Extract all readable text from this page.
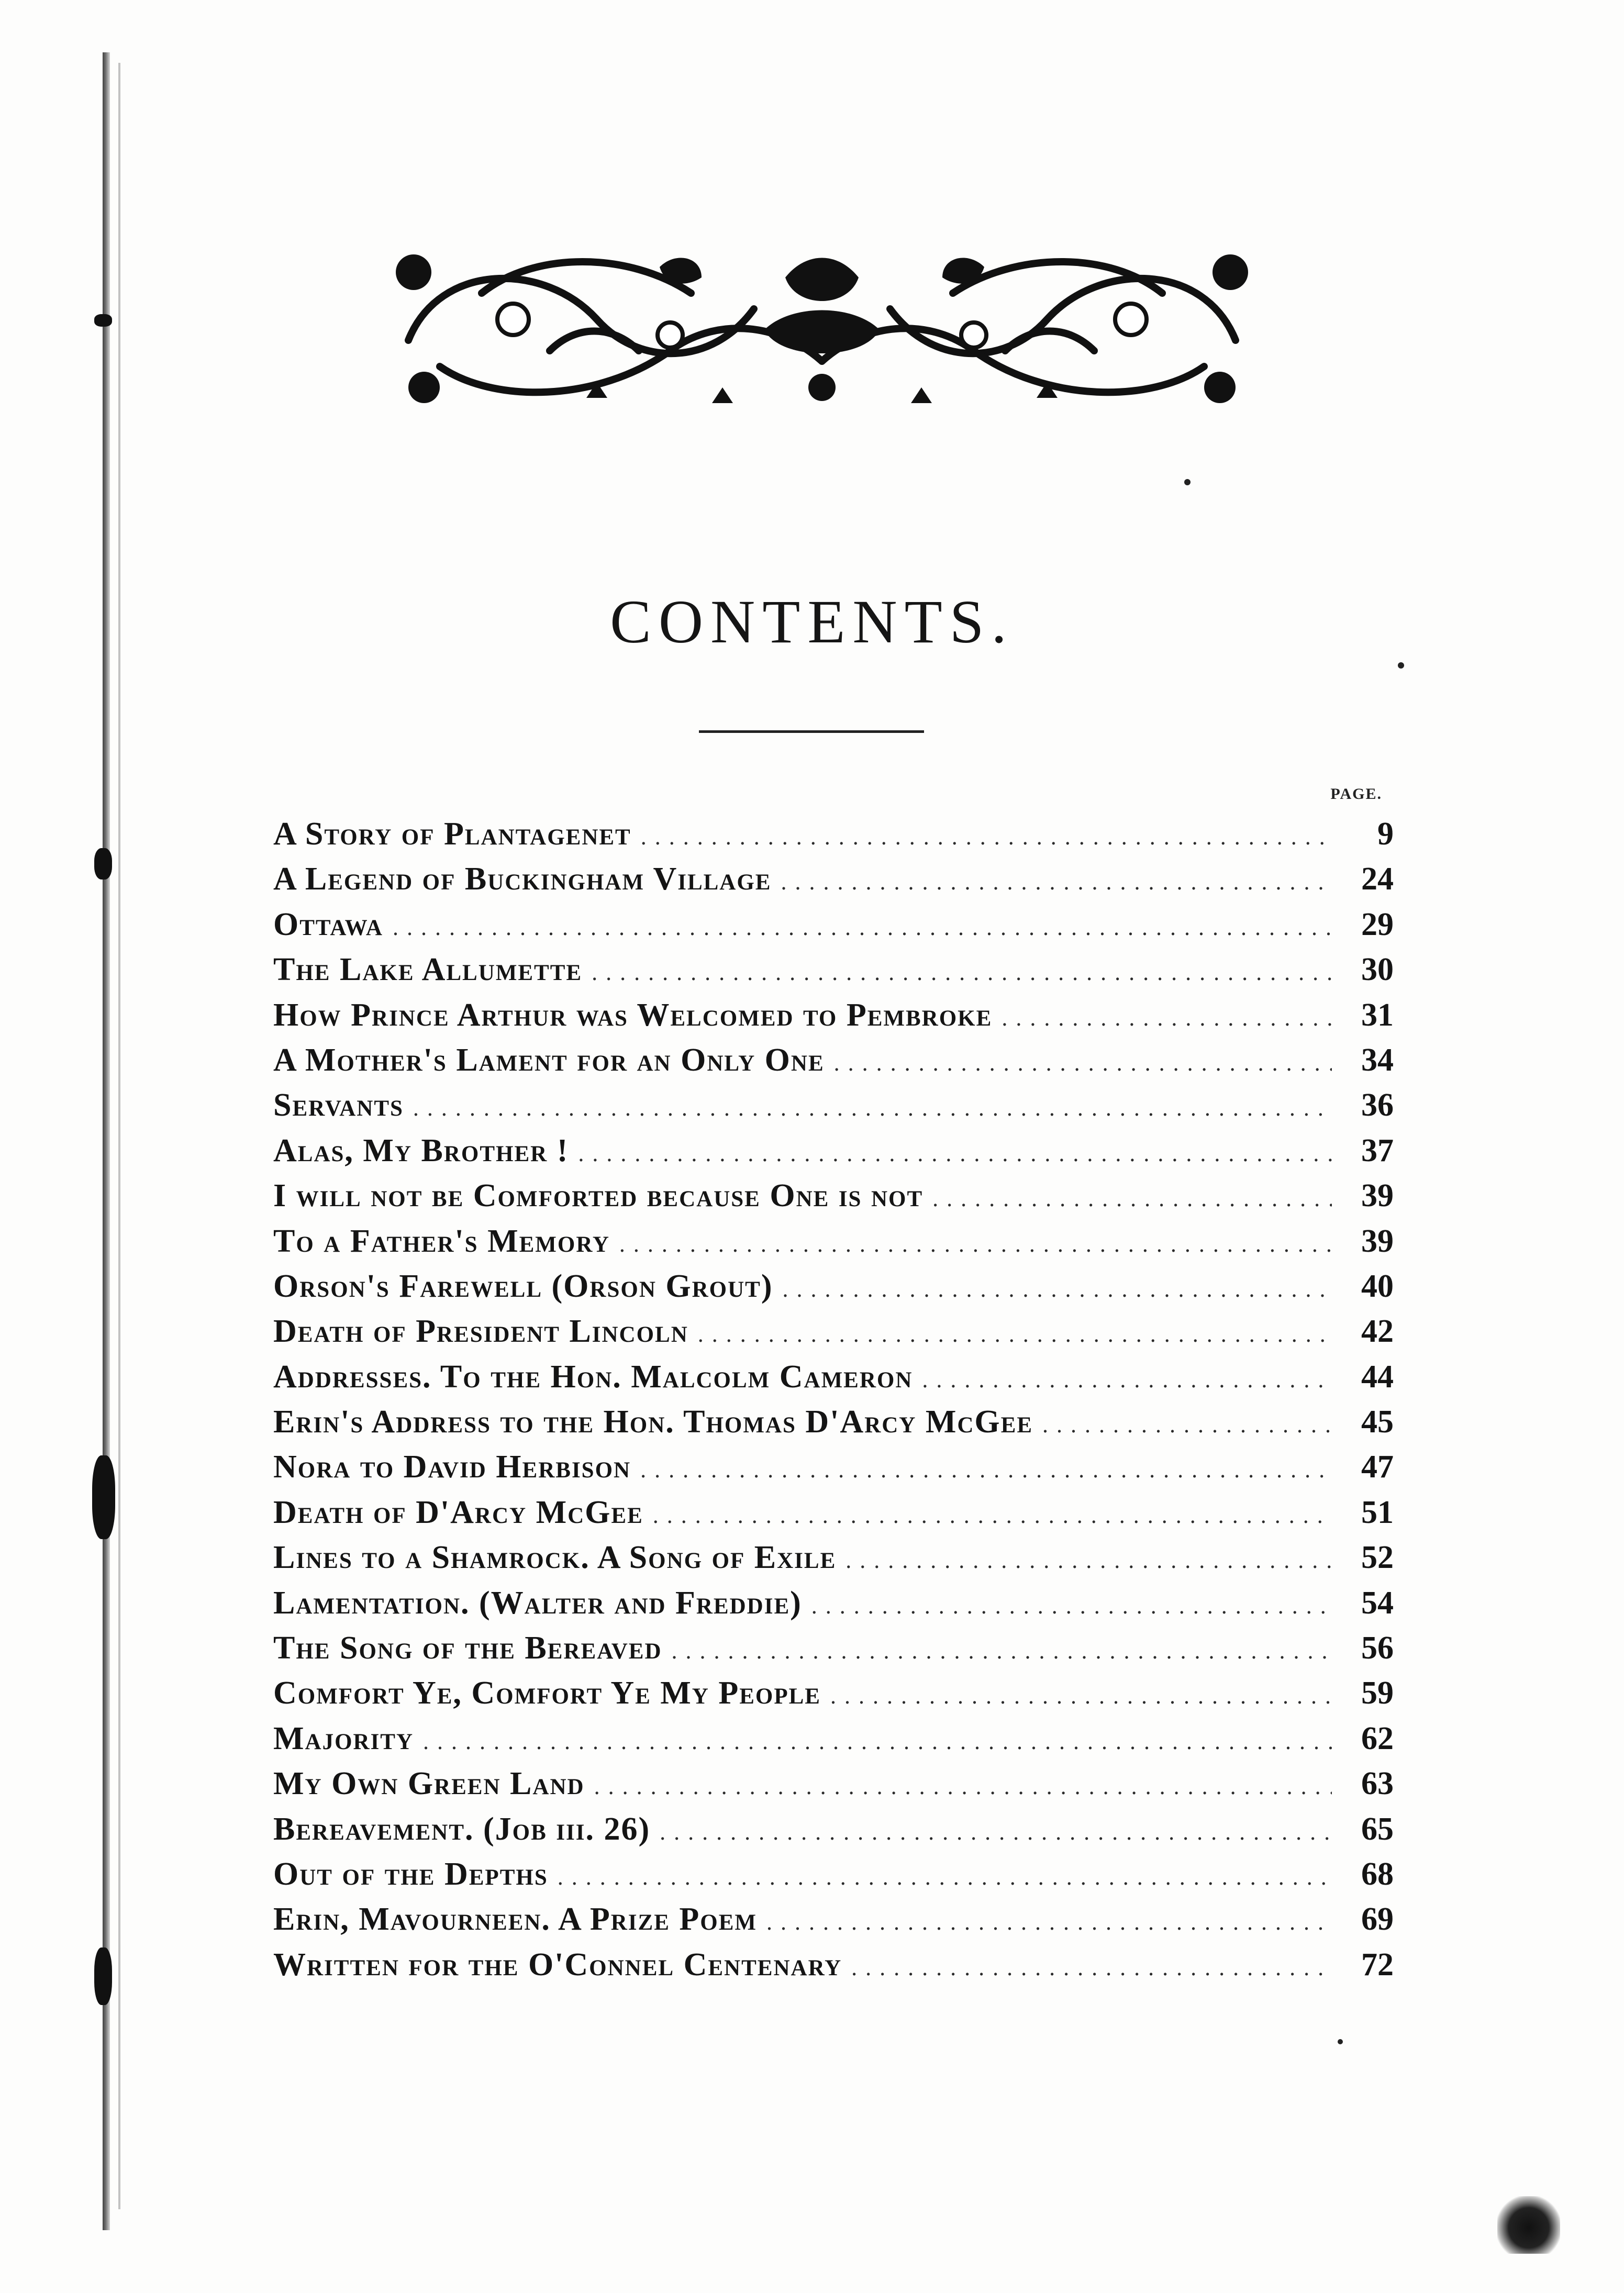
CONTENTS.
PAGE.
A Story of Plantagenet .....	9
A Legend of Buckingham Village .....	24
Ottawa .....	29
The Lake Allumette .....	30
How Prince Arthur was Welcomed to Pembroke .....	31
A Mother's Lament for an Only One .....	34
Servants .....	36
Alas, My Brother ! .....	37
I will not be Comforted because One is not .....	39
To a Father's Memory .....	39
Orson's Farewell (Orson Grout) .....	40
Death of President Lincoln .....	42
Addresses. To the Hon. Malcolm Cameron .....	44
Erin's Address to the Hon. Thomas D'Arcy McGee .....	45
Nora to David Herbison .....	47
Death of D'Arcy McGee .....	51
Lines to a Shamrock. A Song of Exile .....	52
Lamentation. (Walter and Freddie) .....	54
The Song of the Bereaved .....	56
Comfort Ye, Comfort Ye My People .....	59
Majority .....	62
My Own Green Land .....	63
Bereavement. (Job iii. 26) .....	65
Out of the Depths .....	68
Erin, Mavourneen. A Prize Poem .....	69
Written for the O'Connel Centenary .....	72
